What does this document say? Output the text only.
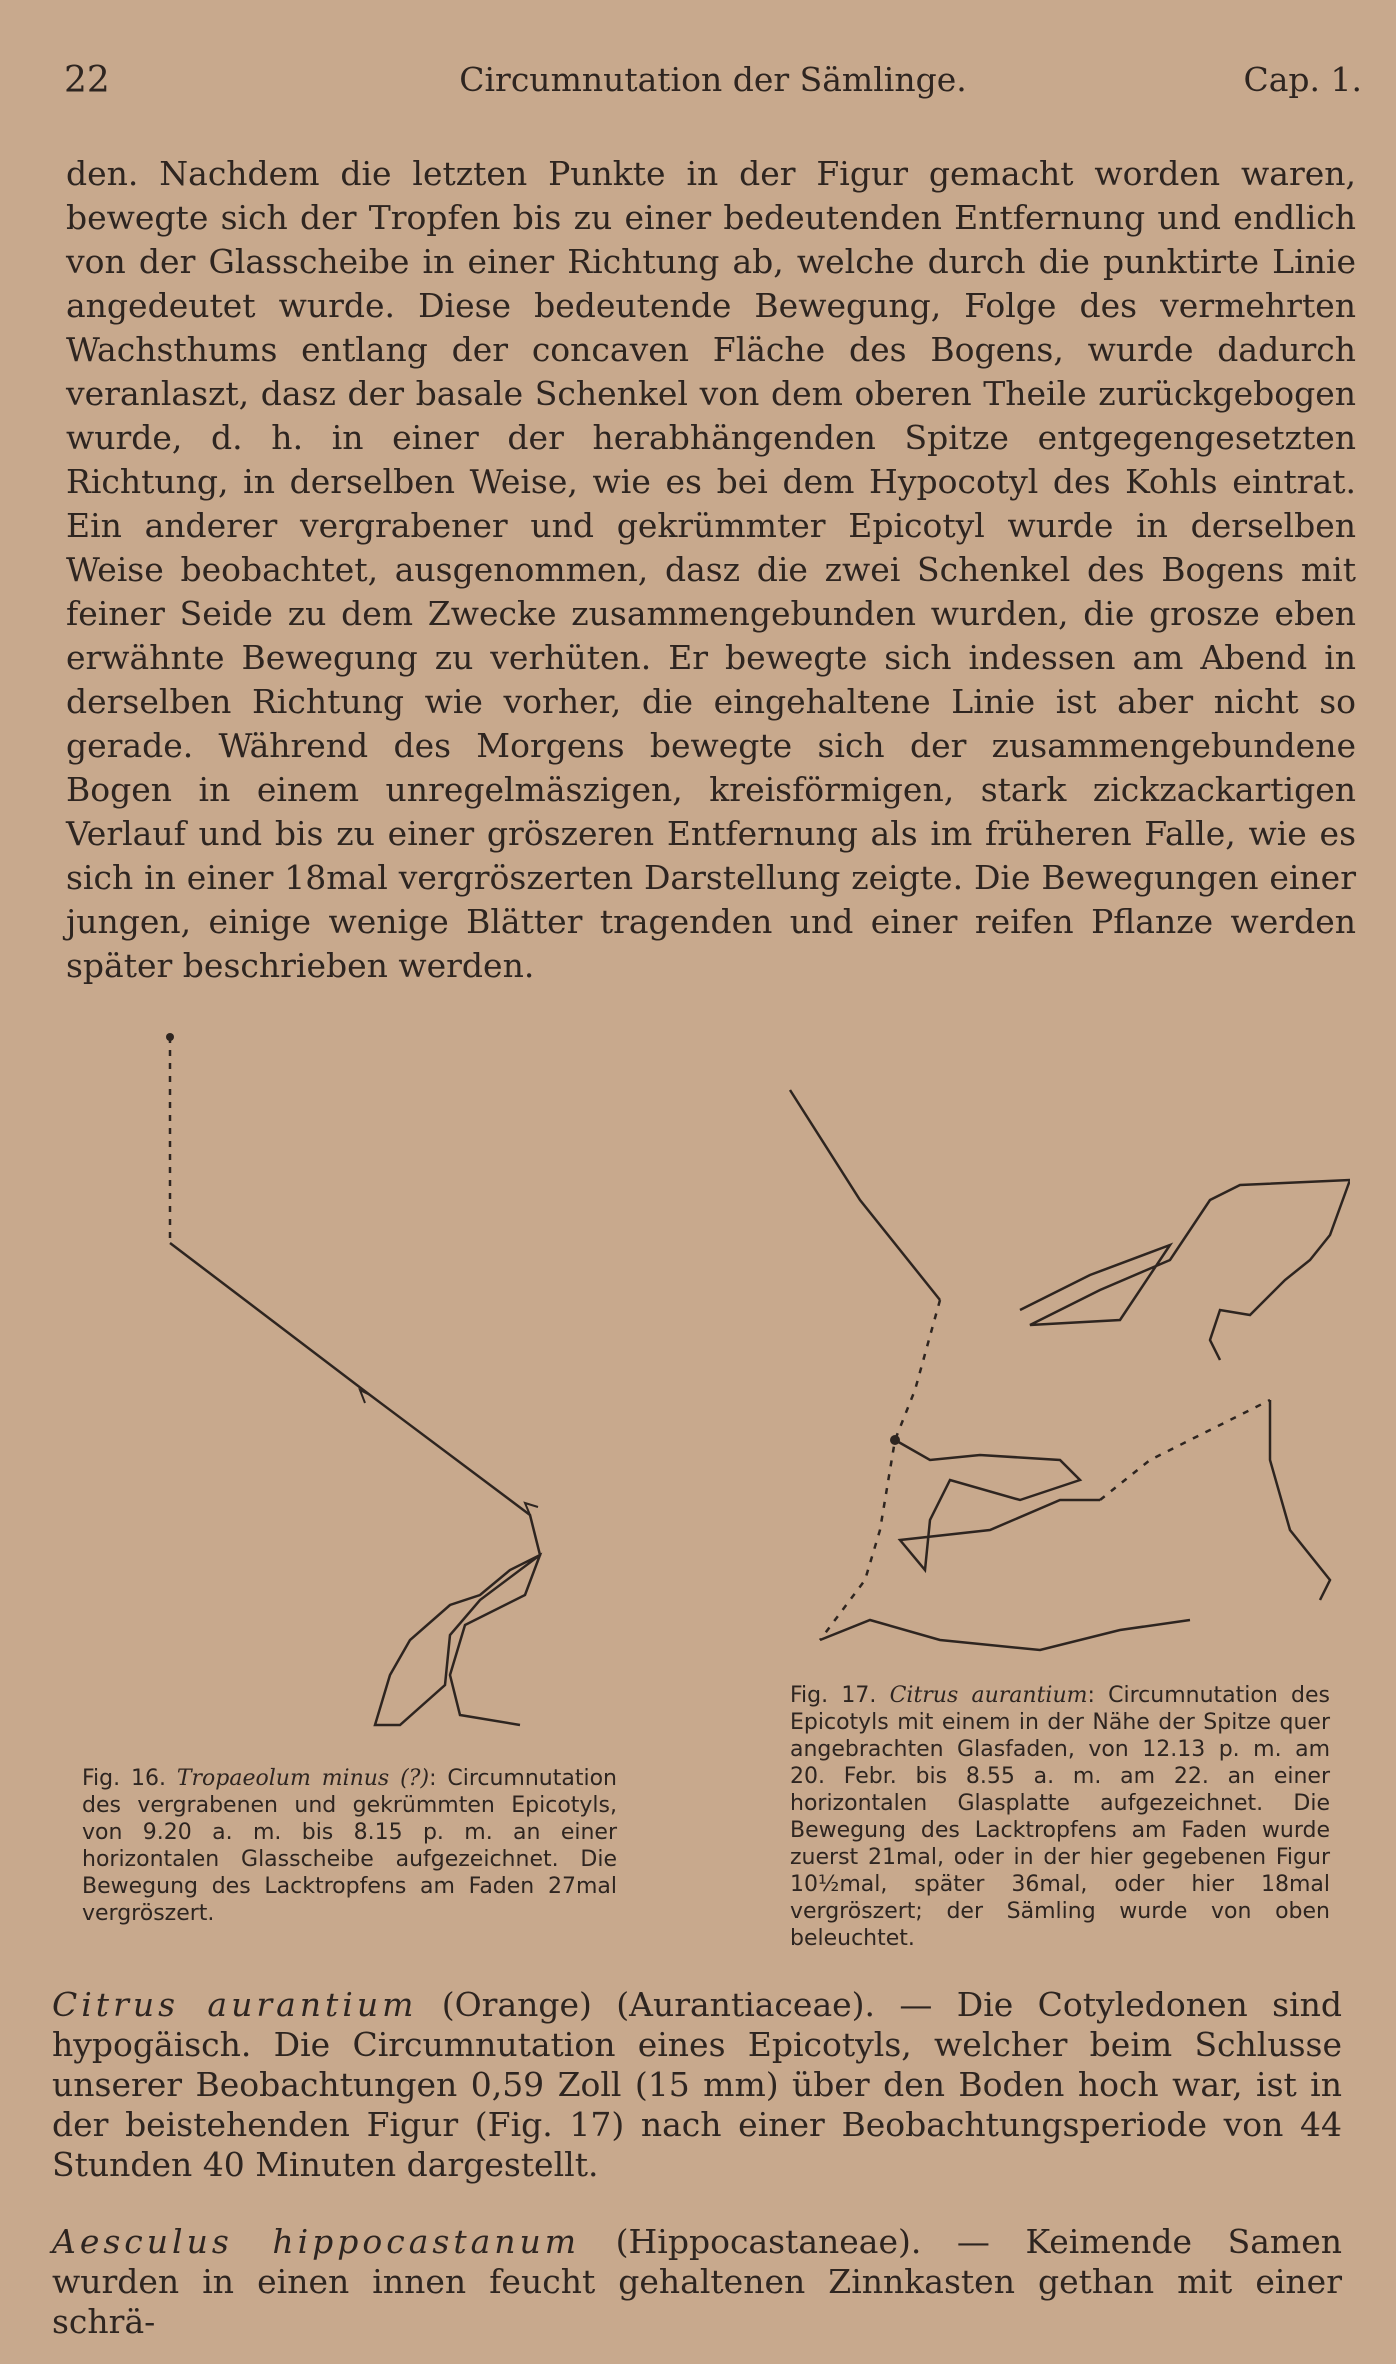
22	Circumnutation der Sämlinge.	Cap. 1.

den. Nachdem die letzten Punkte in der Figur gemacht worden waren, bewegte sich der Tropfen bis zu einer bedeutenden Entfernung und endlich von der Glasscheibe in einer Richtung ab, welche durch die punktirte Linie angedeutet wurde. Diese bedeutende Bewegung, Folge des vermehrten Wachsthums entlang der concaven Fläche des Bogens, wurde dadurch veranlaszt, dasz der basale Schenkel von dem oberen Theile zurückgebogen wurde, d. h. in einer der herabhängenden Spitze entgegengesetzten Richtung, in derselben Weise, wie es bei dem Hypocotyl des Kohls eintrat. Ein anderer vergrabener und gekrümmter Epicotyl wurde in derselben Weise beobachtet, ausgenommen, dasz die zwei Schenkel des Bogens mit feiner Seide zu dem Zwecke zusammengebunden wurden, die grosze eben erwähnte Bewegung zu verhüten. Er bewegte sich indessen am Abend in derselben Richtung wie vorher, die eingehaltene Linie ist aber nicht so gerade. Während des Morgens bewegte sich der zusammengebundene Bogen in einem unregelmäszigen, kreisförmigen, stark zickzackartigen Verlauf und bis zu einer gröszeren Entfernung als im früheren Falle, wie es sich in einer 18mal vergröszerten Darstellung zeigte. Die Bewegungen einer jungen, einige wenige Blätter tragenden und einer reifen Pflanze werden später beschrieben werden.

Fig. 16. Tropaeolum minus (?): Circumnutation des vergrabenen und gekrümmten Epicotyls, von 9.20 a. m. bis 8.15 p. m. an einer horizontalen Glasscheibe aufgezeichnet. Die Bewegung des Lacktropfens am Faden 27mal vergröszert.
Fig. 17. Citrus aurantium: Circumnutation des Epicotyls mit einem in der Nähe der Spitze quer angebrachten Glasfaden, von 12.13 p. m. am 20. Febr. bis 8.55 a. m. am 22. an einer horizontalen Glasplatte aufgezeichnet. Die Bewegung des Lacktropfens am Faden wurde zuerst 21mal, oder in der hier gegebenen Figur 10½mal, später 36mal, oder hier 18mal vergröszert; der Sämling wurde von oben beleuchtet.
Citrus aurantium (Orange) (Aurantiaceae). — Die Cotyledonen sind hypogäisch. Die Circumnutation eines Epicotyls, welcher beim Schlusse unserer Beobachtungen 0,59 Zoll (15 mm) über den Boden hoch war, ist in der beistehenden Figur (Fig. 17) nach einer Beobachtungsperiode von 44 Stunden 40 Minuten dargestellt.
Aesculus hippocastanum (Hippocastaneae). — Keimende Samen wurden in einen innen feucht gehaltenen Zinnkasten gethan mit einer schrä-
